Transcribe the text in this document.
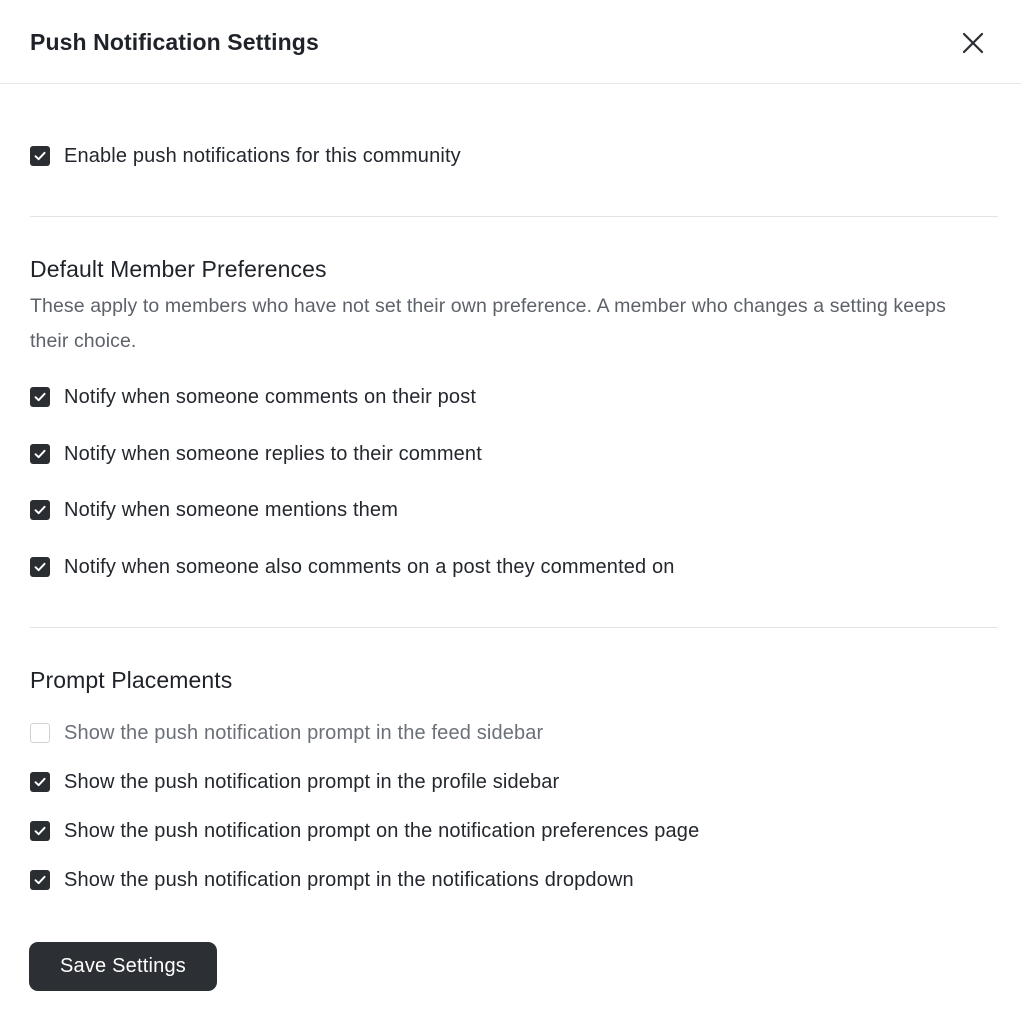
Push Notification Settings
Enable push notifications for this community
Default Member Preferences
These apply to members who have not set their own preference. A member who changes a setting keeps their choice.
Notify when someone comments on their post
Notify when someone replies to their comment
Notify when someone mentions them
Notify when someone also comments on a post they commented on
Prompt Placements
Show the push notification prompt in the feed sidebar
Show the push notification prompt in the profile sidebar
Show the push notification prompt on the notification preferences page
Show the push notification prompt in the notifications dropdown
Save Settings
